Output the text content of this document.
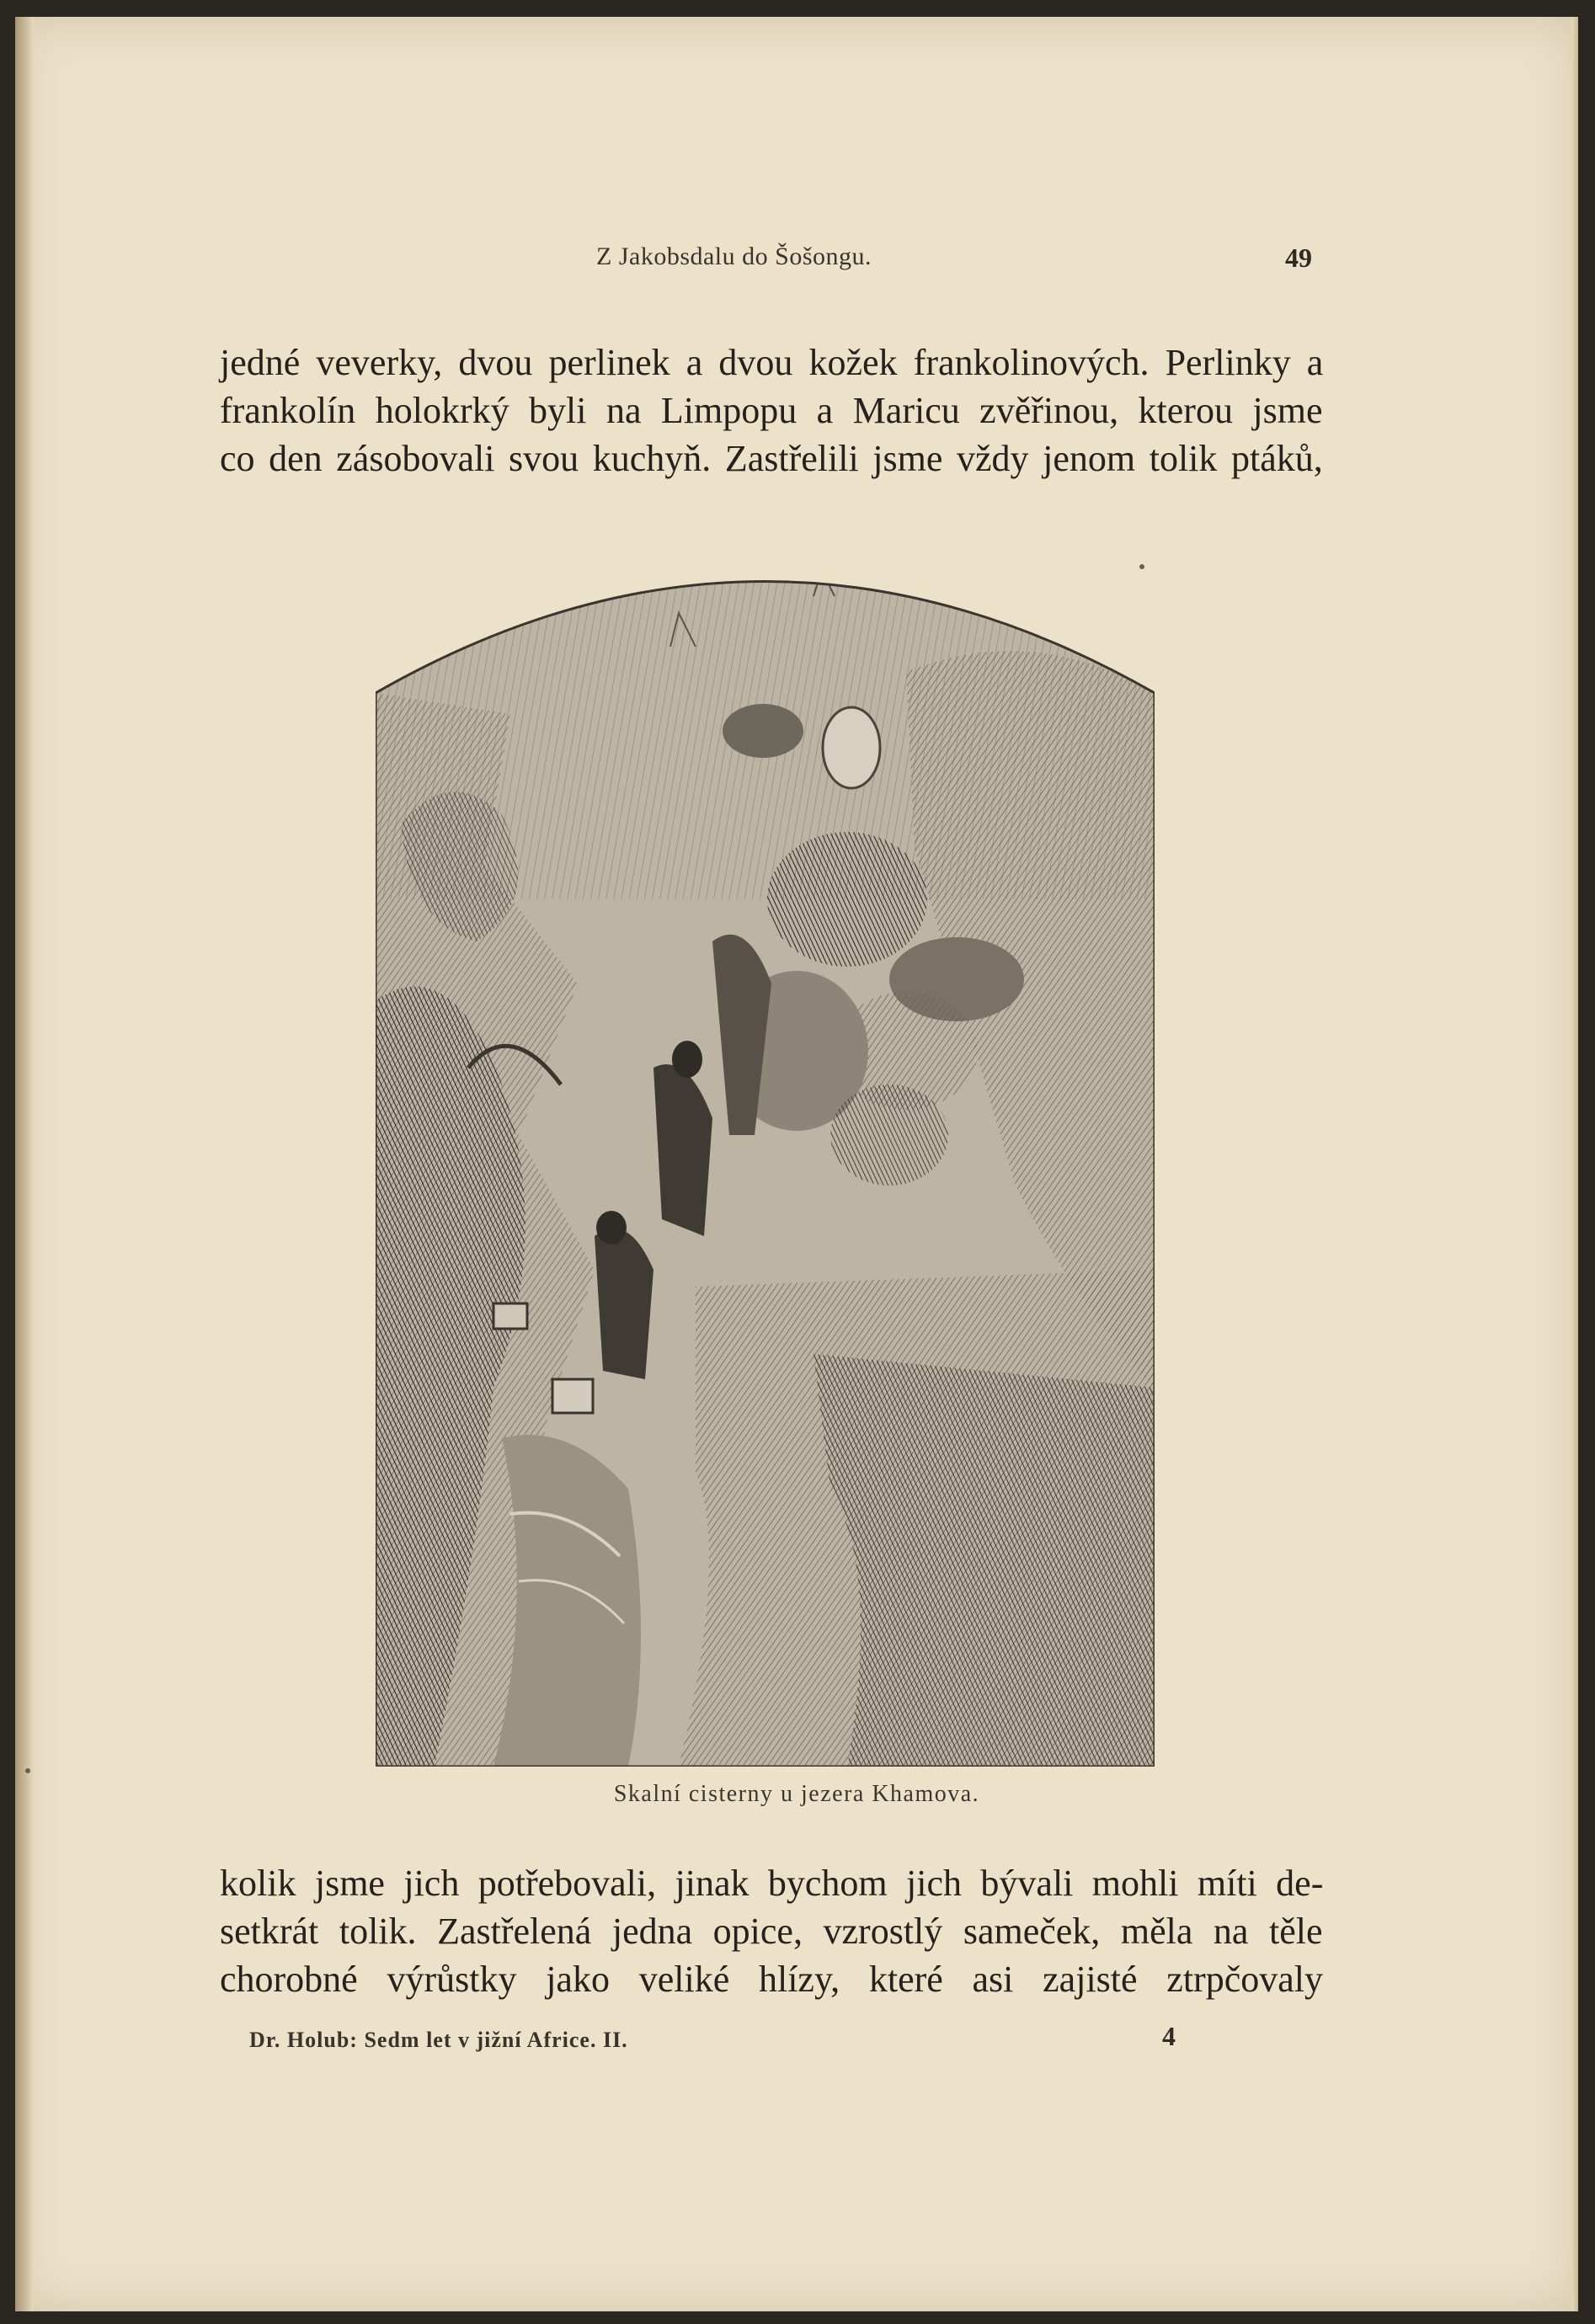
Z Jakobsdalu do Šošongu.	49
jedné veverky, dvou perlinek a dvou kožek frankolinových. Perlinky a
frankolín holokrký byli na Limpopu a Maricu zvěřinou, kterou jsme
co den zásobovali svou kuchyň. Zastřelili jsme vždy jenom tolik ptáků,
Skalní cisterny u jezera Khamova.
kolik jsme jich potřebovali, jinak bychom jich bývali mohli míti de-
setkrát tolik. Zastřelená jedna opice, vzrostlý sameček, měla na těle
chorobné výrůstky jako veliké hlízy, které asi zajisté ztrpčovaly
Dr. Holub: Sedm let v jižní Africe. II.	4
